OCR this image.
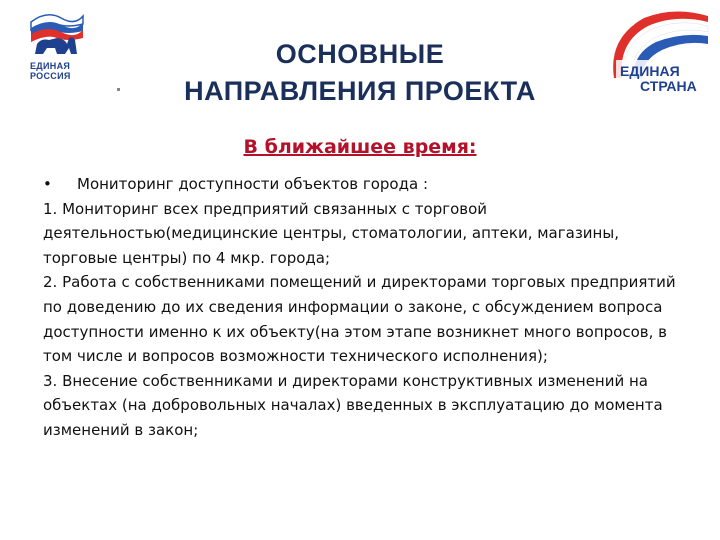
ЕДИНАЯ
РОССИЯ
ОСНОВНЫЕ
НАПРАВЛЕНИЯ ПРОЕКТА
ЕДИНАЯ
СТРАНА
В ближайшее время:
•	Мониторинг доступности объектов города :

1. Мониторинг всех предприятий связанных с торговой деятельностью(медицинские центры, стоматологии, аптеки, магазины, торговые центры) по 4 мкр. города;

2. Работа с собственниками помещений и директорами торговых предприятий по доведению до их сведения информации о законе, с обсуждением вопроса доступности именно к их объекту(на этом этапе возникнет много вопросов, в том числе и вопросов возможности технического исполнения);

3. Внесение собственниками и директорами конструктивных изменений на объектах (на добровольных началах) введенных в эксплуатацию до момента изменений в закон;
